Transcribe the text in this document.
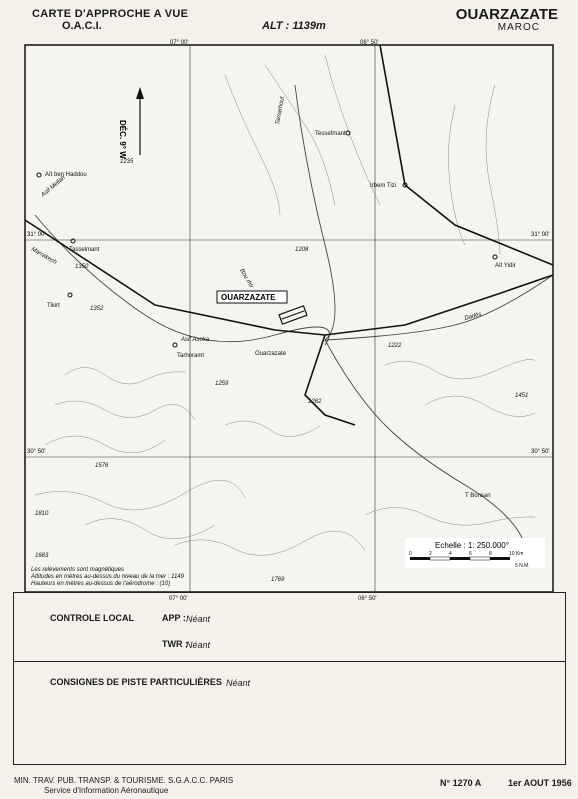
CARTE D'APPROCHE A VUE
O.A.C.I.	ALT : 1139m
OUARZAZATE
MAROC
DÉC. 9° W
OUARZAZATE
Aït ben Haddou
Asif Mellah
Tamarhout
Tessefmant
Irbem Tizi
Tasselmant
Aït Yidir
Marrakech
Tikirt
Asif Asoka
Tarhoramt	Ouarzazate
Dadès
Bou rhir
T Bonsan
1235
1208
1350
1352
1222
1259
1282
1451
1576
1810
1683
1769
07° 00'	06° 50'
07° 00'	06° 50'
Les relèvements sont magnétiques
Altitudes en mètres au-dessus du niveau de la mer : 1149
Hauteurs en mètres au-dessus de l'aérodrome : (10)
Echelle : 1: 250.000°
0	2	4	6	8	10 Km
5 N.M.
31° 00'
30° 50'
31° 00'
30° 50'
CONTROLE LOCAL	APP : Néant
TWR :
Néant
CONSIGNES DE PISTE PARTICULIÈRES Néant
MIN. TRAV. PUB. TRANSP. & TOURISME. S.G.A.C.C. PARIS
Service d'Information Aéronautique
N° 1270 A	1er AOUT 1956
